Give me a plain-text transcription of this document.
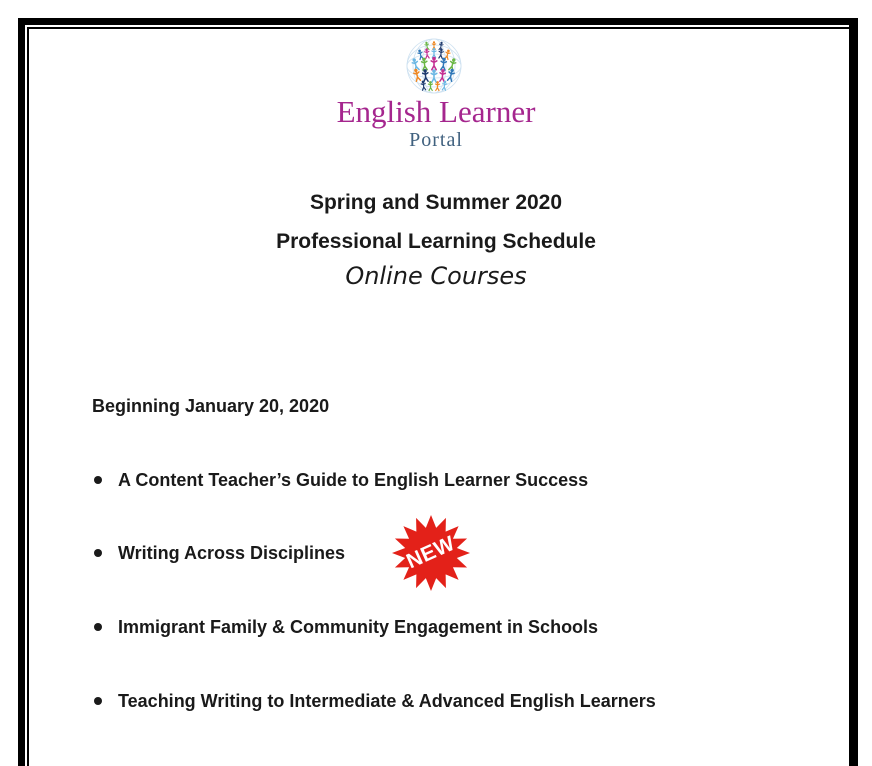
English Learner
Portal
Spring and Summer 2020
Professional Learning Schedule
Online Courses
Beginning January 20, 2020
A Content Teacher’s Guide to English Learner Success
Writing Across Disciplines
Immigrant Family & Community Engagement in Schools
Teaching Writing to Intermediate & Advanced English Learners
NEW
